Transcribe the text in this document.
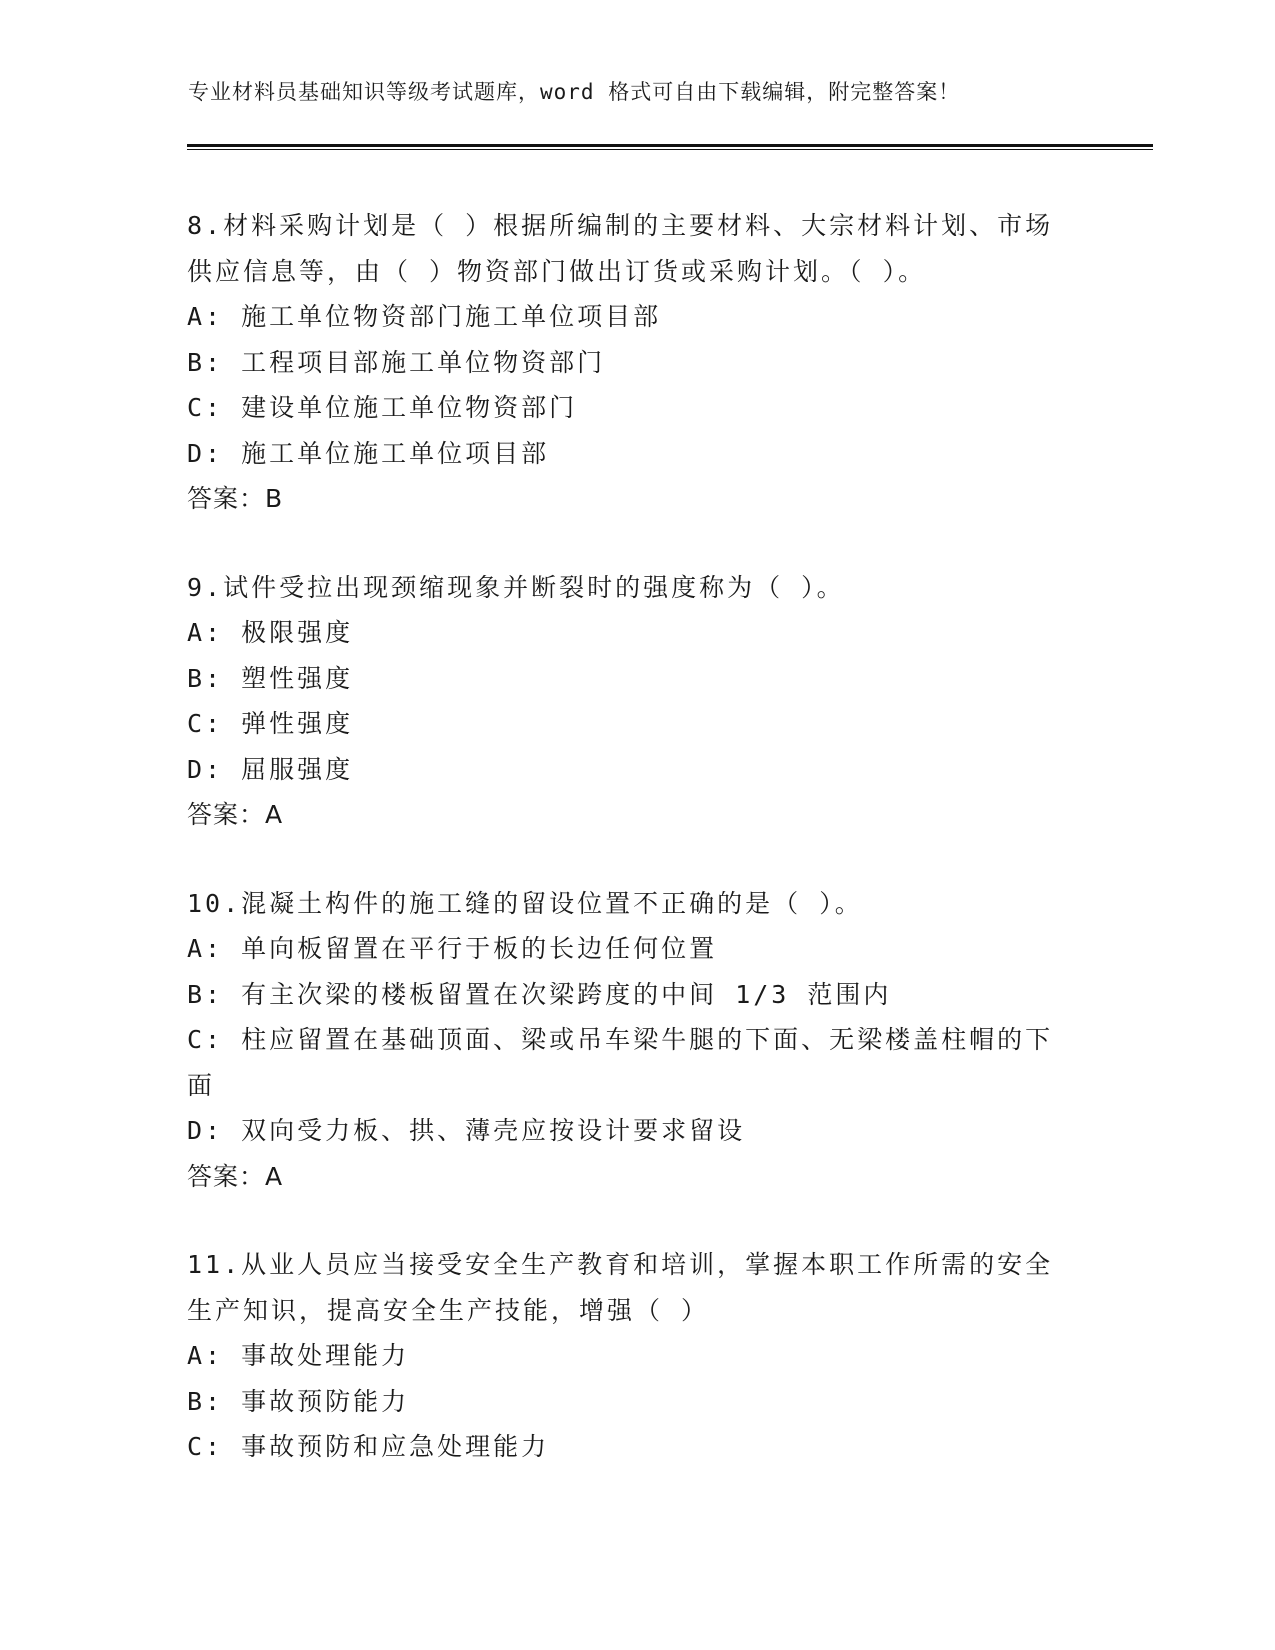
专业材料员基础知识等级考试题库，word 格式可自由下载编辑，附完整答案！
8.材料采购计划是（ ）根据所编制的主要材料、大宗材料计划、市场供应信息等，由（ ）物资部门做出订货或采购计划。（ ）。
A: 施工单位物资部门施工单位项目部
B: 工程项目部施工单位物资部门
C: 建设单位施工单位物资部门
D: 施工单位施工单位项目部
答案：B
9.试件受拉出现颈缩现象并断裂时的强度称为（ ）。
A: 极限强度
B: 塑性强度
C: 弹性强度
D: 屈服强度
答案：A
10.混凝土构件的施工缝的留设位置不正确的是（ ）。
A: 单向板留置在平行于板的长边任何位置
B: 有主次梁的楼板留置在次梁跨度的中间 1/3 范围内
C: 柱应留置在基础顶面、梁或吊车梁牛腿的下面、无梁楼盖柱帽的下面
D: 双向受力板、拱、薄壳应按设计要求留设
答案：A
11.从业人员应当接受安全生产教育和培训，掌握本职工作所需的安全生产知识，提高安全生产技能，增强（ ）
A: 事故处理能力
B: 事故预防能力
C: 事故预防和应急处理能力
